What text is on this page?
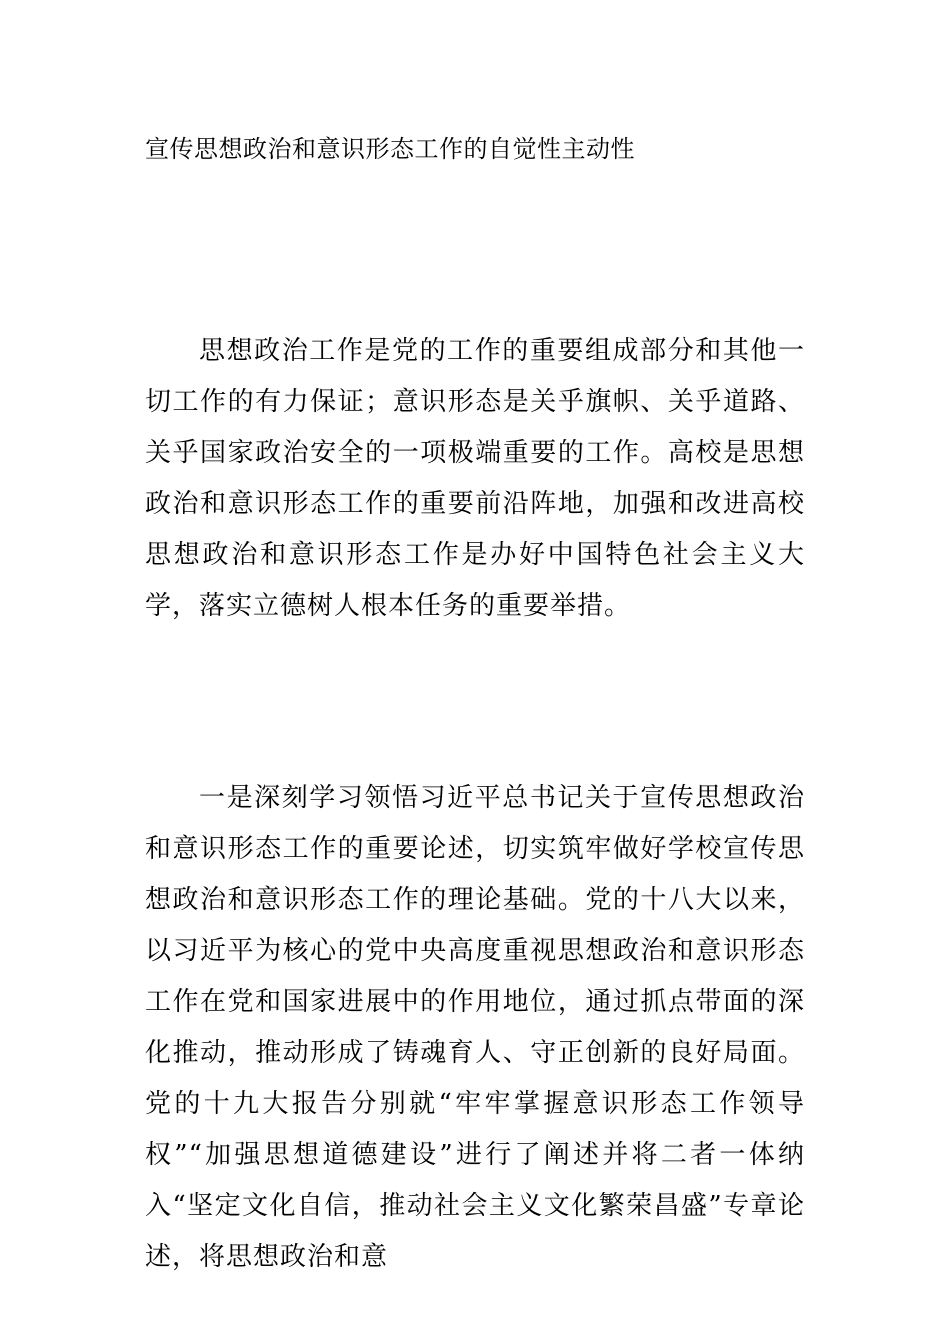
宣传思想政治和意识形态工作的自觉性主动性

思想政治工作是党的工作的重要组成部分和其他一切工作的有力保证；意识形态是关乎旗帜、关乎道路、关乎国家政治安全的一项极端重要的工作。高校是思想政治和意识形态工作的重要前沿阵地，加强和改进高校思想政治和意识形态工作是办好中国特色社会主义大学，落实立德树人根本任务的重要举措。

一是深刻学习领悟习近平总书记关于宣传思想政治和意识形态工作的重要论述，切实筑牢做好学校宣传思想政治和意识形态工作的理论基础。党的十八大以来，以习近平为核心的党中央高度重视思想政治和意识形态工作在党和国家进展中的作用地位，通过抓点带面的深化推动，推动形成了铸魂育人、守正创新的良好局面。党的十九大报告分别就“牢牢掌握意识形态工作领导权”“加强思想道德建设”进行了阐述并将二者一体纳入“坚定文化自信，推动社会主义文化繁荣昌盛”专章论述，将思想政治和意
